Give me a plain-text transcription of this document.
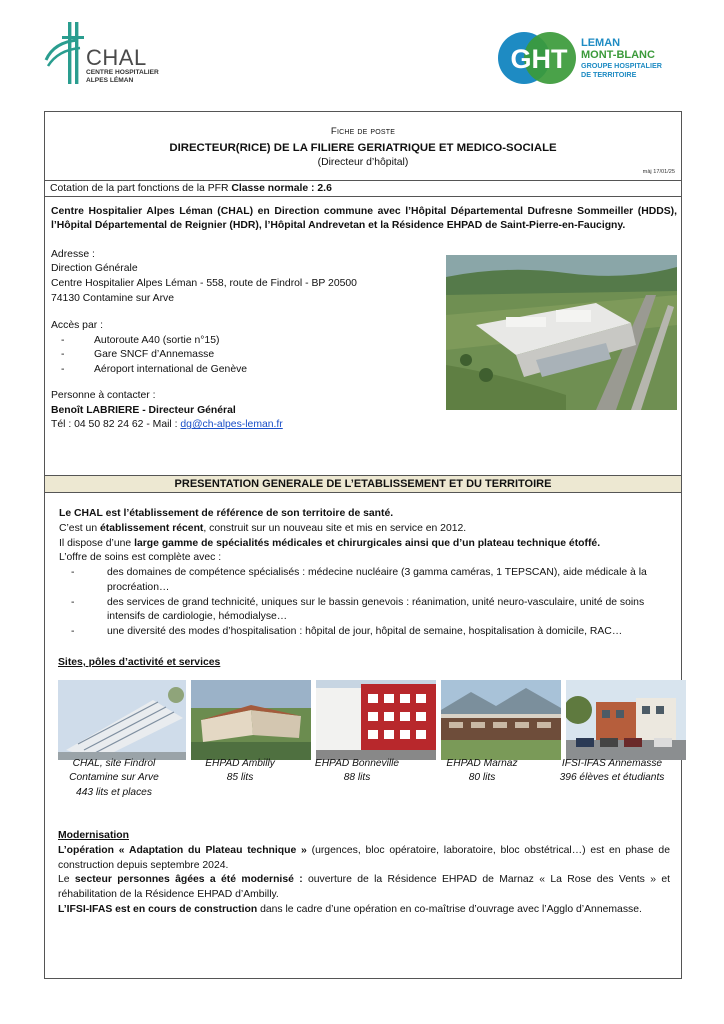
CHAL
CENTRE HOSPITALIER
ALPES LÉMAN
GHT
LEMAN
MONT-BLANC
GROUPE HOSPITALIER
DE TERRITOIRE
Fiche de poste
DIRECTEUR(RICE) DE LA FILIERE GERIATRIQUE ET MEDICO-SOCIALE
(Directeur d’hôpital)
màj 17/01/25
Cotation de la part fonctions de la PFR Classe normale : 2.6

Centre Hospitalier Alpes Léman (CHAL) en Direction commune avec l’Hôpital Départemental Dufresne Sommeiller (HDDS), l’Hôpital Départemental de Reignier (HDR), l’Hôpital Andrevetan et la Résidence EHPAD de Saint-Pierre-en-Faucigny.

Adresse :
Direction Générale
Centre Hospitalier Alpes Léman - 558, route de Findrol - BP 20500
74130 Contamine sur Arve
Accès par :
- Autoroute A40 (sortie n°15)
- Gare SNCF d’Annemasse
- Aéroport international de Genève
Personne à contacter :
Benoît LABRIERE - Directeur Général
Tél : 04 50 82 24 62 - Mail : dg@ch-alpes-leman.fr
PRESENTATION GENERALE DE L’ETABLISSEMENT ET DU TERRITOIRE
Le CHAL est l’établissement de référence de son territoire de santé.
C’est un établissement récent, construit sur un nouveau site et mis en service en 2012.
Il dispose d’une large gamme de spécialités médicales et chirurgicales ainsi que d’un plateau technique étoffé.
L’offre de soins est complète avec :
- des domaines de compétence spécialisés : médecine nucléaire (3 gamma caméras, 1 TEPSCAN), aide médicale à la procréation…
- des services de grand technicité, uniques sur le bassin genevois : réanimation, unité neuro-vasculaire, unité de soins intensifs de cardiologie, hémodialyse…
- une diversité des modes d’hospitalisation : hôpital de jour, hôpital de semaine, hospitalisation à domicile, RAC…
Sites, pôles d’activité et services
CHAL, site Findrol
Contamine sur Arve
443 lits et places
EHPAD Ambilly
85 lits
EHPAD Bonneville
88 lits
EHPAD Marnaz
80 lits
IFSI-IFAS Annemasse
396 élèves et étudiants
Modernisation

L’opération « Adaptation du Plateau technique » (urgences, bloc opératoire, laboratoire, bloc obstétrical…) est en phase de construction depuis septembre 2024.

Le secteur personnes âgées a été modernisé : ouverture de la Résidence EHPAD de Marnaz « La Rose des Vents » et réhabilitation de la Résidence EHPAD d’Ambilly.

L’IFSI-IFAS est en cours de construction dans le cadre d’une opération en co-maîtrise d’ouvrage avec l’Agglo d’Annemasse.
